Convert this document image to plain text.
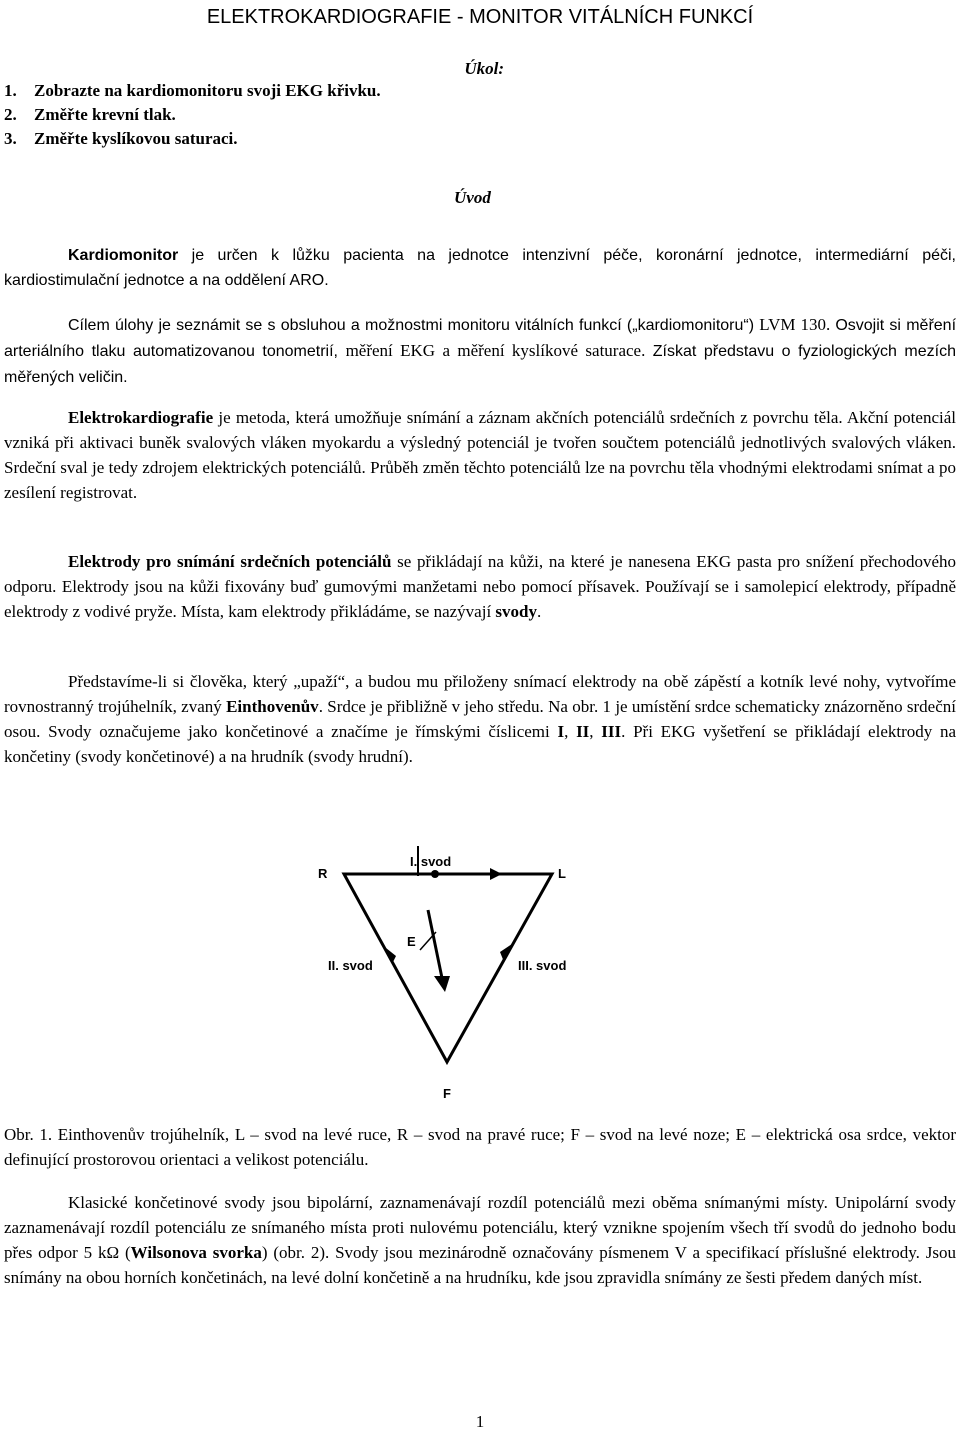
ELEKTROKARDIOGRAFIE - MONITOR VITÁLNÍCH FUNKCÍ
Úkol:
1. Zobrazte na kardiomonitoru svoji EKG křivku.
2. Změřte krevní tlak.
3. Změřte kyslíkovou saturaci.
Úvod

Kardiomonitor je určen k lůžku pacienta na jednotce intenzivní péče, koronární jednotce, intermediární péči, kardiostimulační jednotce a na oddělení ARO.

Cílem úlohy je seznámit se s obsluhou a možnostmi monitoru vitálních funkcí („kardiomonitoru“) LVM 130. Osvojit si měření arteriálního tlaku automatizovanou tonometrií, měření EKG a měření kyslíkové saturace. Získat představu o fyziologických mezích měřených veličin.

Elektrokardiografie je metoda, která umožňuje snímání a záznam akčních potenciálů srdečních z povrchu těla. Akční potenciál vzniká při aktivaci buněk svalových vláken myokardu a výsledný potenciál je tvořen součtem potenciálů jednotlivých svalových vláken. Srdeční sval je tedy zdrojem elektrických potenciálů. Průběh změn těchto potenciálů lze na povrchu těla vhodnými elektrodami snímat a po zesílení registrovat.

Elektrody pro snímání srdečních potenciálů se přikládají na kůži, na které je nanesena EKG pasta pro snížení přechodového odporu. Elektrody jsou na kůži fixovány buď gumovými manžetami nebo pomocí přísavek. Používají se i samolepicí elektrody, případně elektrody z vodivé pryže. Místa, kam elektrody přikládáme, se nazývají svody.

Představíme-li si člověka, který „upaží“, a budou mu přiloženy snímací elektrody na obě zápěstí a kotník levé nohy, vytvoříme rovnostranný trojúhelník, zvaný Einthovenův. Srdce je přibližně v jeho středu. Na obr. 1 je umístění srdce schematicky znázorněno srdeční osou. Svody označujeme jako končetinové a značíme je římskými číslicemi I, II, III. Při EKG vyšetření se přikládají elektrody na končetiny (svody končetinové) a na hrudník (svody hrudní).

R	L
I. svod
E
II. svod	III. svod
F

Obr. 1. Einthovenův trojúhelník, L – svod na levé ruce, R – svod na pravé ruce; F – svod na levé noze; E – elektrická osa srdce, vektor definující prostorovou orientaci a velikost potenciálu.

Klasické končetinové svody jsou bipolární, zaznamenávají rozdíl potenciálů mezi oběma snímanými místy. Unipolární svody zaznamenávají rozdíl potenciálu ze snímaného místa proti nulovému potenciálu, který vznikne spojením všech tří svodů do jednoho bodu přes odpor 5 kΩ (Wilsonova svorka) (obr. 2). Svody jsou mezinárodně označovány písmenem V a specifikací příslušné elektrody. Jsou snímány na obou horních končetinách, na levé dolní končetině a na hrudníku, kde jsou zpravidla snímány ze šesti předem daných míst.

1
